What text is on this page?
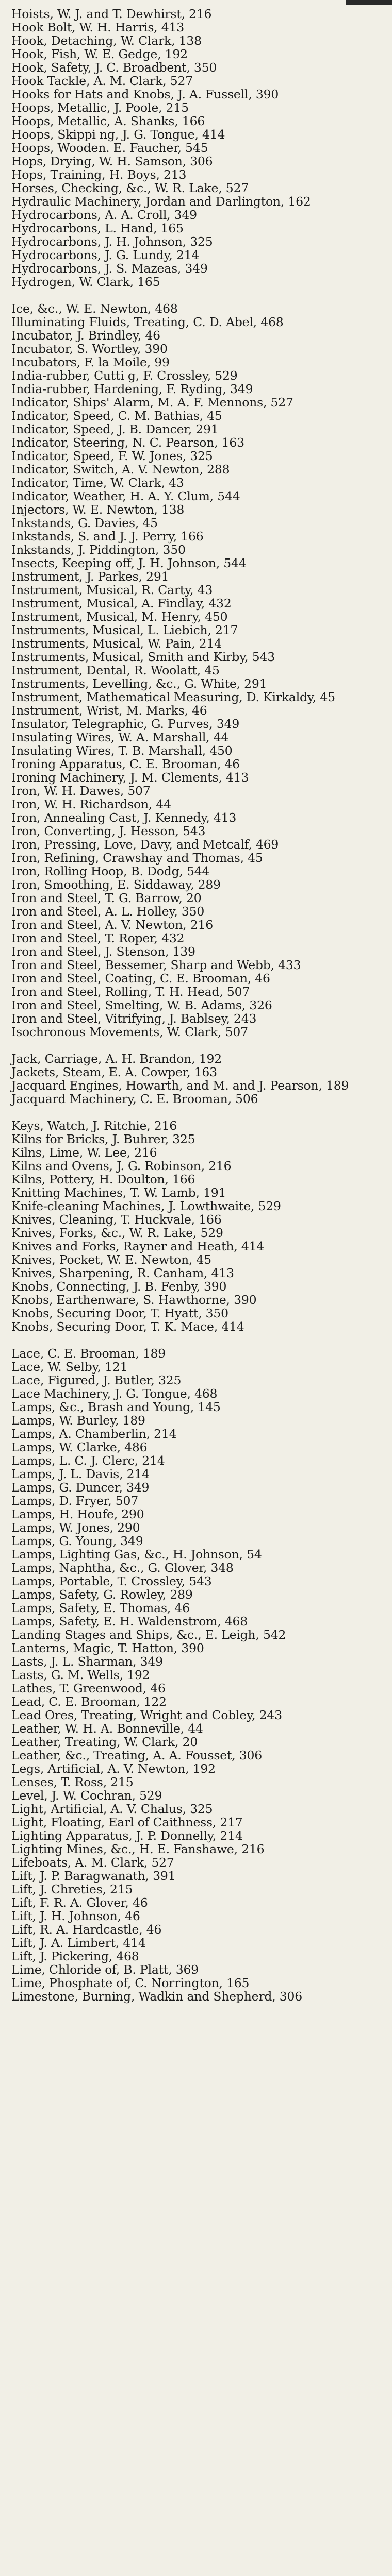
Hoists, W. J. and T. Dewhirst, 216

Hook Bolt, W. H. Harris, 413

Hook, Detaching, W. Clark, 138

Hook, Fish, W. E. Gedge, 192

Hook, Safety, J. C. Broadbent, 350

Hook Tackle, A. M. Clark, 527

Hooks for Hats and Knobs, J. A. Fussell, 390

Hoops, Metallic, J. Poole, 215

Hoops, Metallic, A. Shanks, 166

Hoops, Skippi ng, J. G. Tongue, 414

Hoops, Wooden. E. Faucher, 545

Hops, Drying, W. H. Samson, 306

Hops, Training, H. Boys, 213

Horses, Checking, &c., W. R. Lake, 527

Hydraulic Machinery, Jordan and Darlington, 162

Hydrocarbons, A. A. Croll, 349

Hydrocarbons, L. Hand, 165

Hydrocarbons, J. H. Johnson, 325

Hydrocarbons, J. G. Lundy, 214

Hydrocarbons, J. S. Mazeas, 349

Hydrogen, W. Clark, 165

Ice, &c., W. E. Newton, 468

Illuminating Fluids, Treating, C. D. Abel, 468

Incubator, J. Brindley, 46

Incubator, S. Wortley, 390

Incubators, F. la Moile, 99

India-rubber, Cutti g, F. Crossley, 529

India-rubber, Hardening, F. Ryding, 349

Indicator, Ships' Alarm, M. A. F. Mennons, 527

Indicator, Speed, C. M. Bathias, 45

Indicator, Speed, J. B. Dancer, 291

Indicator, Steering, N. C. Pearson, 163

Indicator, Speed, F. W. Jones, 325

Indicator, Switch, A. V. Newton, 288

Indicator, Time, W. Clark, 43

Indicator, Weather, H. A. Y. Clum, 544

Injectors, W. E. Newton, 138

Inkstands, G. Davies, 45

Inkstands, S. and J. J. Perry, 166

Inkstands, J. Piddington, 350

Insects, Keeping off, J. H. Johnson, 544

Instrument, J. Parkes, 291

Instrument, Musical, R. Carty, 43

Instrument, Musical, A. Findlay, 432

Instrument, Musical, M. Henry, 450

Instruments, Musical, L. Liebich, 217

Instruments, Musical, W. Pain, 214

Instruments, Musical, Smith and Kirby, 543

Instrument, Dental, R. Woolatt, 45

Instruments, Levelling, &c., G. White, 291

Instrument, Mathematical Measuring, D. Kirkaldy, 45

Instrument, Wrist, M. Marks, 46

Insulator, Telegraphic, G. Purves, 349

Insulating Wires, W. A. Marshall, 44

Insulating Wires, T. B. Marshall, 450

Ironing Apparatus, C. E. Brooman, 46

Ironing Machinery, J. M. Clements, 413

Iron, W. H. Dawes, 507

Iron, W. H. Richardson, 44

Iron, Annealing Cast, J. Kennedy, 413

Iron, Converting, J. Hesson, 543

Iron, Pressing, Love, Davy, and Metcalf, 469

Iron, Refining, Crawshay and Thomas, 45

Iron, Rolling Hoop, B. Dodg, 544

Iron, Smoothing, E. Siddaway, 289

Iron and Steel, T. G. Barrow, 20

Iron and Steel, A. L. Holley, 350

Iron and Steel, A. V. Newton, 216

Iron and Steel, T. Roper, 432

Iron and Steel, J. Stenson, 139

Iron and Steel, Bessemer, Sharp and Webb, 433

Iron and Steel, Coating, C. E. Brooman, 46

Iron and Steel, Rolling, T. H. Head, 507

Iron and Steel, Smelting, W. B. Adams, 326

Iron and Steel, Vitrifying, J. Bablsey, 243

Isochronous Movements, W. Clark, 507

Jack, Carriage, A. H. Brandon, 192

Jackets, Steam, E. A. Cowper, 163

Jacquard Engines, Howarth, and M. and J. Pearson, 189

Jacquard Machinery, C. E. Brooman, 506

Keys, Watch, J. Ritchie, 216

Kilns for Bricks, J. Buhrer, 325

Kilns, Lime, W. Lee, 216

Kilns and Ovens, J. G. Robinson, 216

Kilns, Pottery, H. Doulton, 166

Knitting Machines, T. W. Lamb, 191

Knife-cleaning Machines, J. Lowthwaite, 529

Knives, Cleaning, T. Huckvale, 166

Knives, Forks, &c., W. R. Lake, 529

Knives and Forks, Rayner and Heath, 414

Knives, Pocket, W. E. Newton, 45

Knives, Sharpening, R. Canham, 413

Knobs, Connecting, J. B. Fenby, 390

Knobs, Earthenware, S. Hawthorne, 390

Knobs, Securing Door, T. Hyatt, 350

Knobs, Securing Door, T. K. Mace, 414

Lace, C. E. Brooman, 189

Lace, W. Selby, 121

Lace, Figured, J. Butler, 325

Lace Machinery, J. G. Tongue, 468

Lamps, &c., Brash and Young, 145

Lamps, W. Burley, 189

Lamps, A. Chamberlin, 214

Lamps, W. Clarke, 486

Lamps, L. C. J. Clerc, 214

Lamps, J. L. Davis, 214

Lamps, G. Duncer, 349

Lamps, D. Fryer, 507

Lamps, H. Houfe, 290

Lamps, W. Jones, 290

Lamps, G. Young, 349

Lamps, Lighting Gas, &c., H. Johnson, 54

Lamps, Naphtha, &c., G. Glover, 348

Lamps, Portable, T. Crossley, 543

Lamps, Safety, G. Rowley, 289

Lamps, Safety, E. Thomas, 46

Lamps, Safety, E. H. Waldenstrom, 468

Landing Stages and Ships, &c., E. Leigh, 542

Lanterns, Magic, T. Hatton, 390

Lasts, J. L. Sharman, 349

Lasts, G. M. Wells, 192

Lathes, T. Greenwood, 46

Lead, C. E. Brooman, 122

Lead Ores, Treating, Wright and Cobley, 243

Leather, W. H. A. Bonneville, 44

Leather, Treating, W. Clark, 20

Leather, &c., Treating, A. A. Fousset, 306

Legs, Artificial, A. V. Newton, 192

Lenses, T. Ross, 215

Level, J. W. Cochran, 529

Light, Artificial, A. V. Chalus, 325

Light, Floating, Earl of Caithness, 217

Lighting Apparatus, J. P. Donnelly, 214

Lighting Mines, &c., H. E. Fanshawe, 216

Lifeboats, A. M. Clark, 527

Lift, J. P. Baragwanath, 391

Lift, J. Chreties, 215

Lift, F. R. A. Glover, 46

Lift, J. H. Johnson, 46

Lift, R. A. Hardcastle, 46

Lift, J. A. Limbert, 414

Lift, J. Pickering, 468

Lime, Chloride of, B. Platt, 369

Lime, Phosphate of, C. Norrington, 165

Limestone, Burning, Wadkin and Shepherd, 306
